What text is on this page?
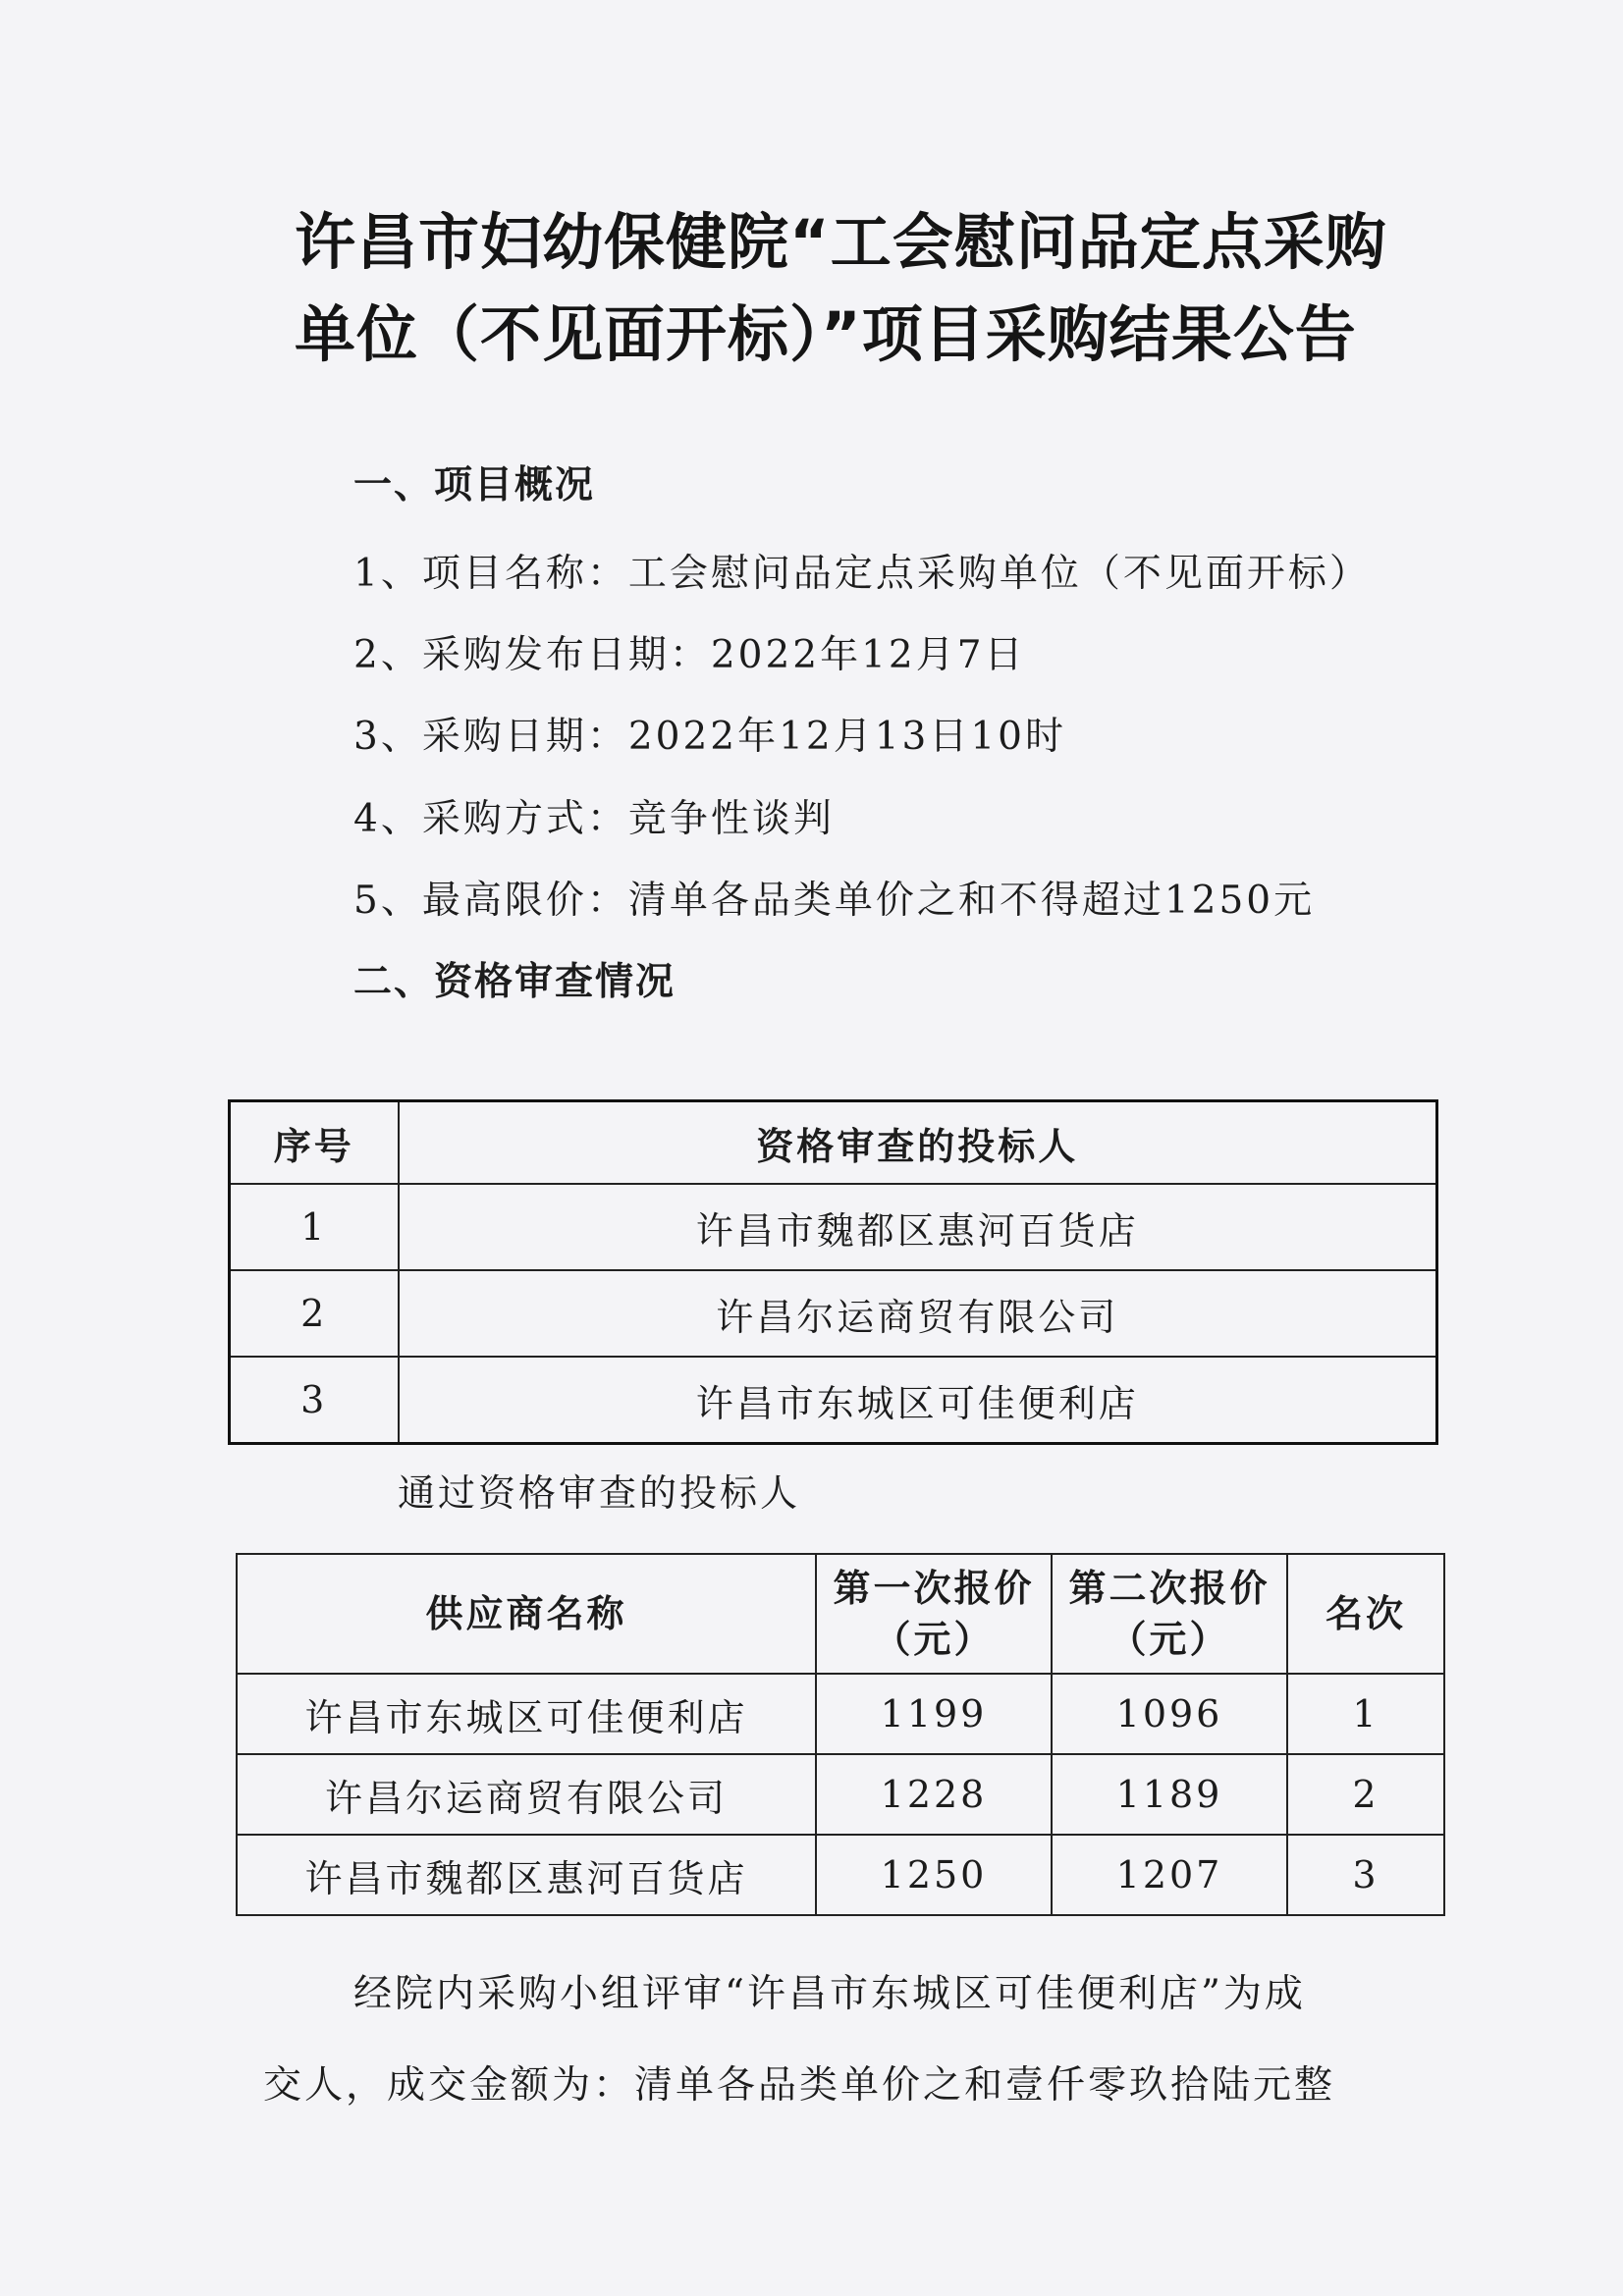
许昌市妇幼保健院“工会慰问品定点采购
单位（不见面开标）”项目采购结果公告
一、项目概况
1、项目名称：工会慰问品定点采购单位（不见面开标）
2、采购发布日期：2022年12月7日
3、采购日期：2022年12月13日10时
4、采购方式：竞争性谈判
5、最高限价：清单各品类单价之和不得超过1250元
二、资格审查情况
序号	资格审查的投标人
1	许昌市魏都区惠河百货店
2	许昌尔运商贸有限公司
3	许昌市东城区可佳便利店
通过资格审查的投标人
供应商名称	第一次报价（元）	第二次报价（元）	名次
许昌市东城区可佳便利店	1199	1096	1
许昌尔运商贸有限公司	1228	1189	2
许昌市魏都区惠河百货店	1250	1207	3
经院内采购小组评审“许昌市东城区可佳便利店”为成
交人，成交金额为：清单各品类单价之和壹仟零玖拾陆元整
